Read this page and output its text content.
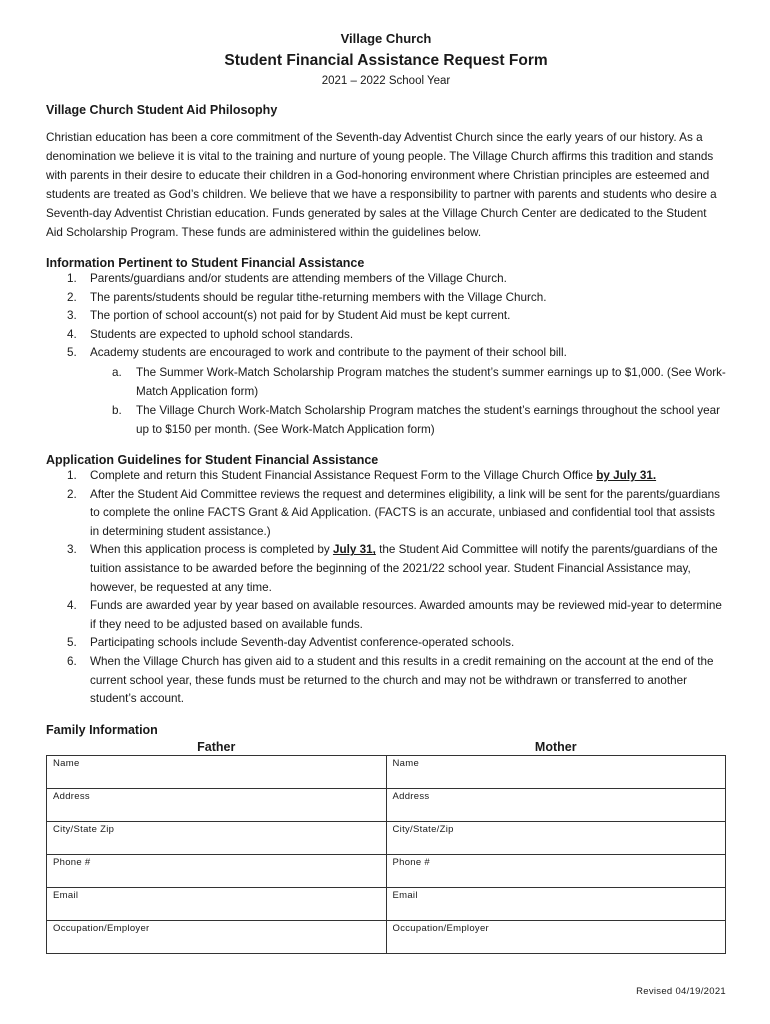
Village Church
Student Financial Assistance Request Form
2021 – 2022 School Year
Village Church Student Aid Philosophy
Christian education has been a core commitment of the Seventh-day Adventist Church since the early years of our history. As a denomination we believe it is vital to the training and nurture of young people. The Village Church affirms this tradition and stands with parents in their desire to educate their children in a God-honoring environment where Christian principles are esteemed and students are treated as God’s children. We believe that we have a responsibility to partner with parents and students who desire a Seventh-day Adventist Christian education. Funds generated by sales at the Village Church Center are dedicated to the Student Aid Scholarship Program. These funds are administered within the guidelines below.
Information Pertinent to Student Financial Assistance
1. Parents/guardians and/or students are attending members of the Village Church.
2. The parents/students should be regular tithe-returning members with the Village Church.
3. The portion of school account(s) not paid for by Student Aid must be kept current.
4. Students are expected to uphold school standards.
5. Academy students are encouraged to work and contribute to the payment of their school bill.
a. The Summer Work-Match Scholarship Program matches the student’s summer earnings up to $1,000. (See Work-Match Application form)
b. The Village Church Work-Match Scholarship Program matches the student’s earnings throughout the school year up to $150 per month. (See Work-Match Application form)
Application Guidelines for Student Financial Assistance
1. Complete and return this Student Financial Assistance Request Form to the Village Church Office by July 31.
2. After the Student Aid Committee reviews the request and determines eligibility, a link will be sent for the parents/guardians to complete the online FACTS Grant & Aid Application. (FACTS is an accurate, unbiased and confidential tool that assists in determining student assistance.)
3. When this application process is completed by July 31, the Student Aid Committee will notify the parents/guardians of the tuition assistance to be awarded before the beginning of the 2021/22 school year. Student Financial Assistance may, however, be requested at any time.
4. Funds are awarded year by year based on available resources. Awarded amounts may be reviewed mid-year to determine if they need to be adjusted based on available funds.
5. Participating schools include Seventh-day Adventist conference-operated schools.
6. When the Village Church has given aid to a student and this results in a credit remaining on the account at the end of the current school year, these funds must be returned to the church and may not be withdrawn or transferred to another student’s account.
Family Information
Father	Mother
Name	Name
Address	Address
City/State Zip	City/State/Zip
Phone #	Phone #
Email	Email
Occupation/Employer	Occupation/Employer
Revised 04/19/2021
